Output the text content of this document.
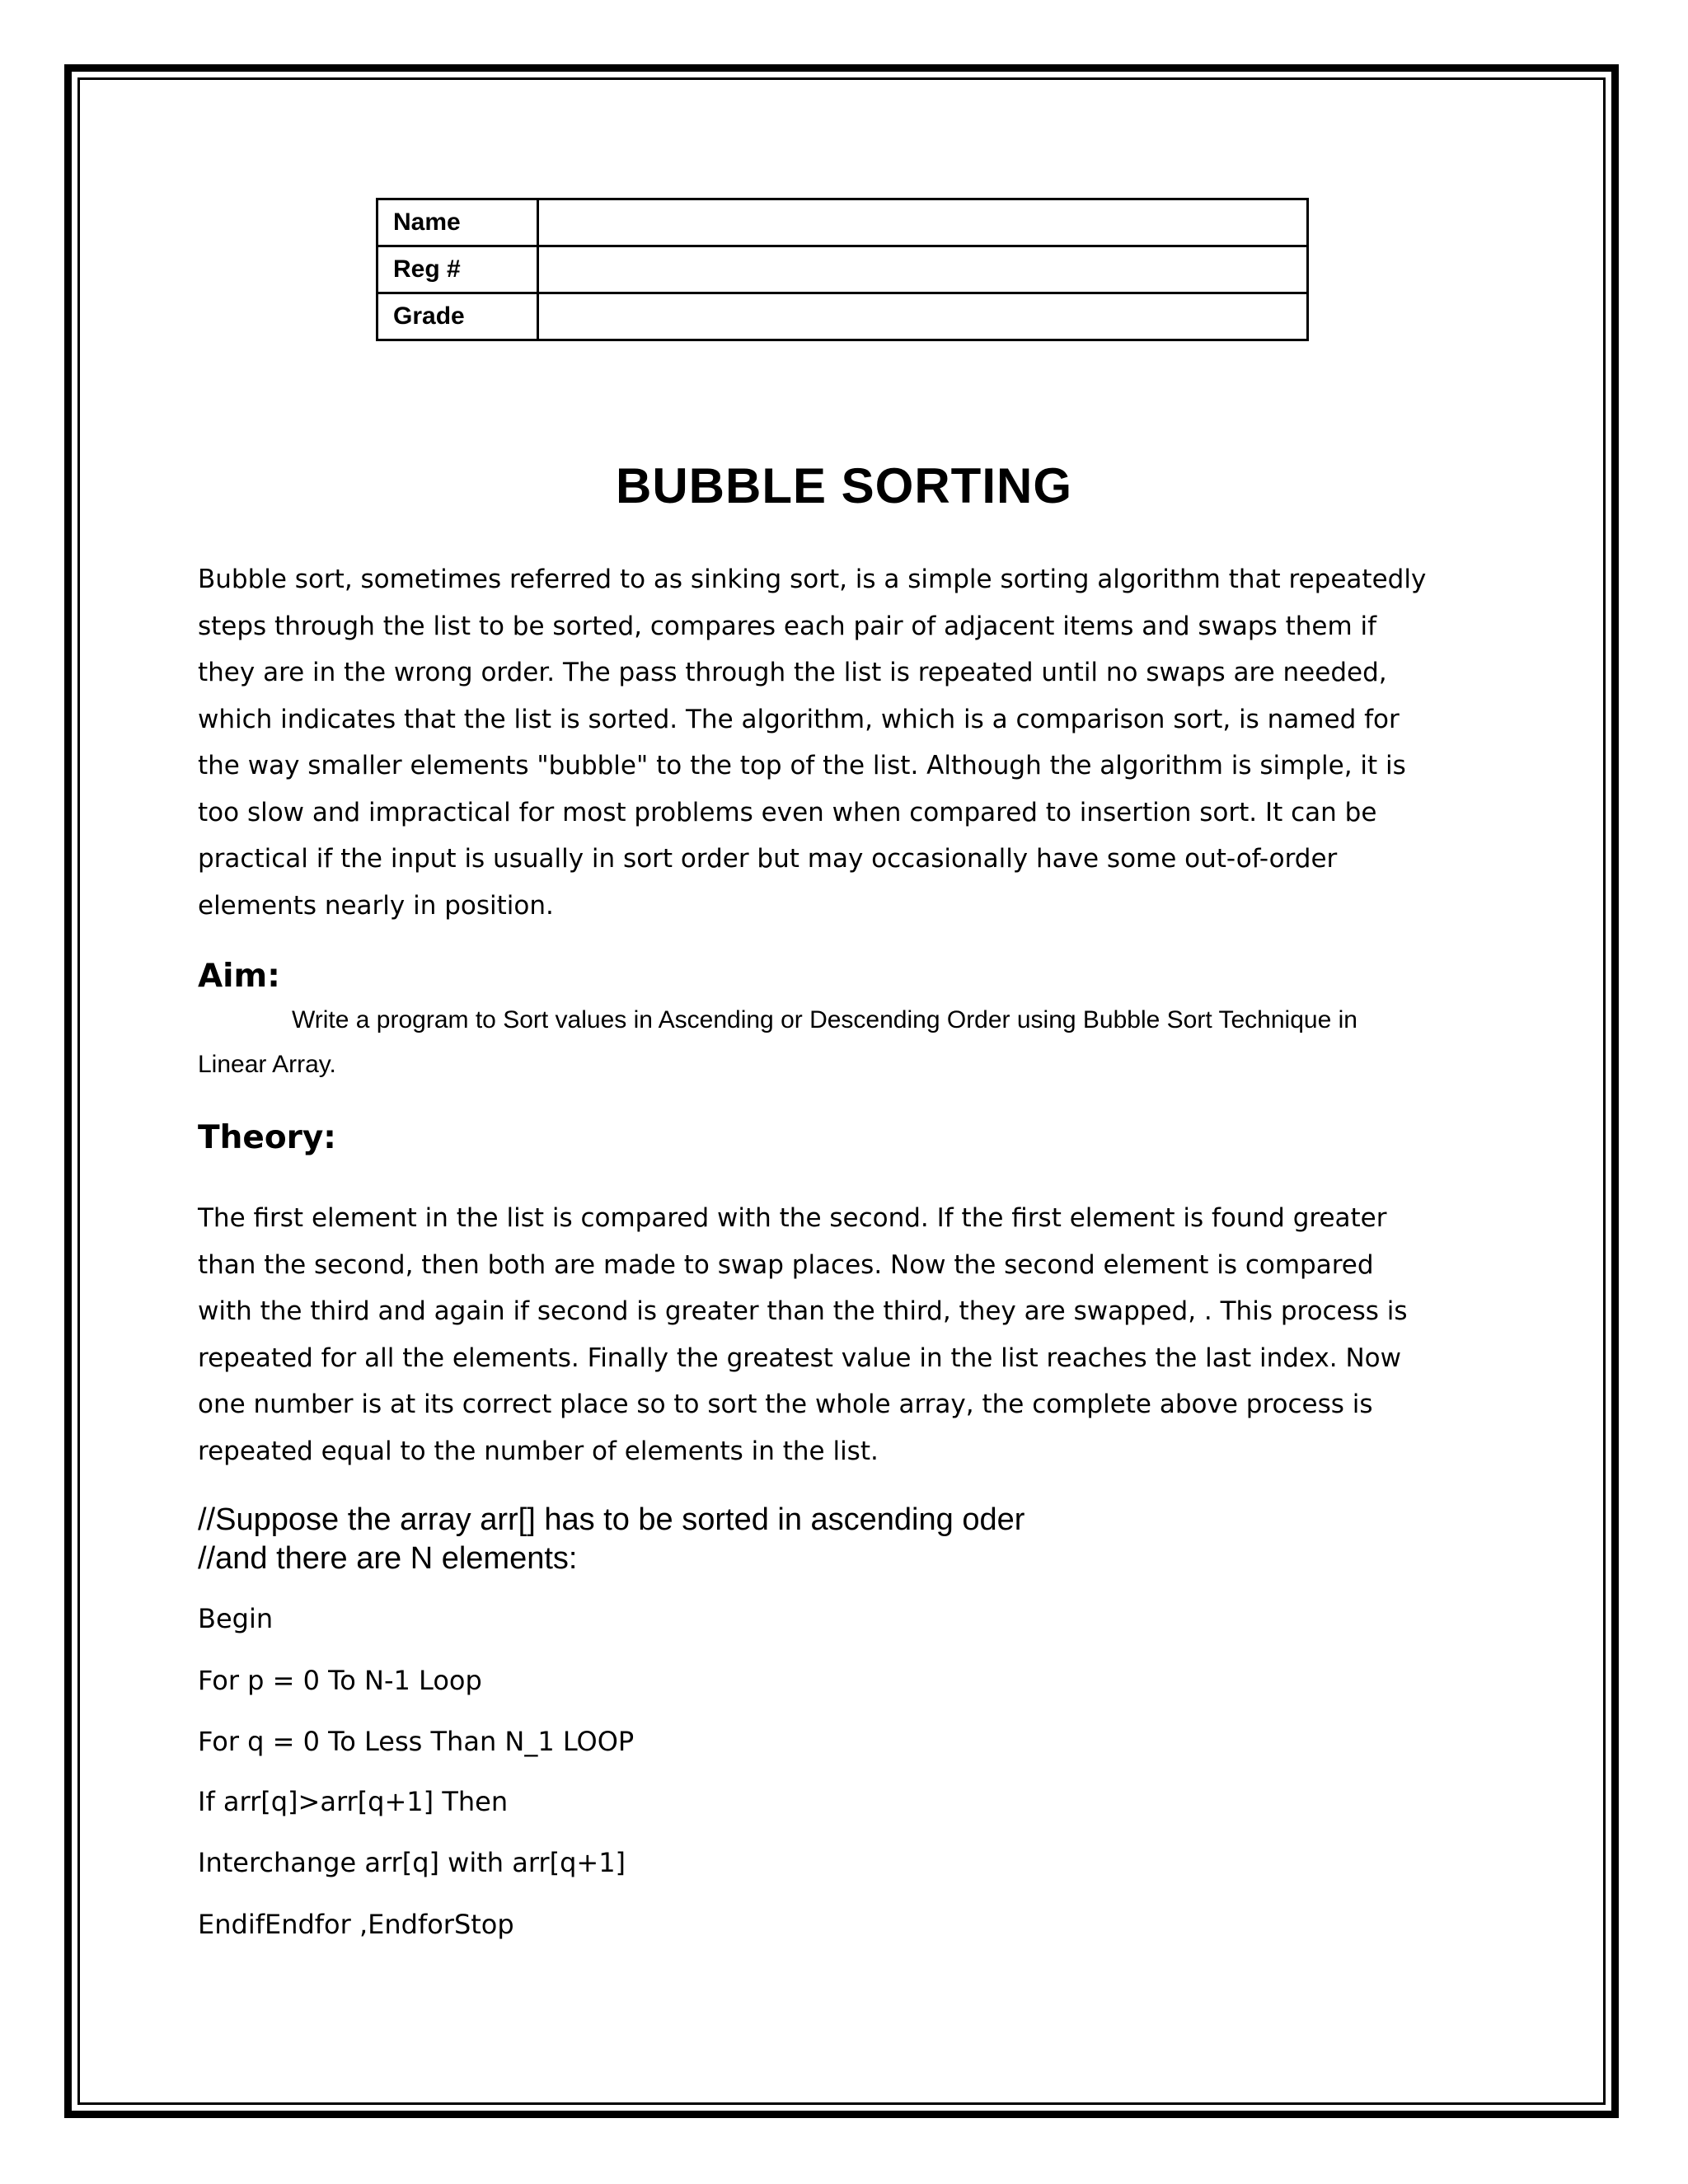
Name	
Reg #	
Grade	
BUBBLE SORTING
Bubble sort, sometimes referred to as sinking sort, is a simple sorting algorithm that repeatedly
steps through the list to be sorted, compares each pair of adjacent items and swaps them if
they are in the wrong order. The pass through the list is repeated until no swaps are needed,
which indicates that the list is sorted. The algorithm, which is a comparison sort, is named for
the way smaller elements "bubble" to the top of the list. Although the algorithm is simple, it is
too slow and impractical for most problems even when compared to insertion sort. It can be
practical if the input is usually in sort order but may occasionally have some out-of-order
elements nearly in position.
Aim:
Write a program to Sort values in Ascending or Descending Order using Bubble Sort Technique in
Linear Array.
Theory:
The first element in the list is compared with the second. If the first element is found greater
than the second, then both are made to swap places. Now the second element is compared
with the third and again if second is greater than the third, they are swapped, . This process is
repeated for all the elements. Finally the greatest value in the list reaches the last index. Now
one number is at its correct place so to sort the whole array, the complete above process is
repeated equal to the number of elements in the list.
//Suppose the array arr[] has to be sorted in ascending oder
//and there are N elements:
Begin
For p = 0 To N-1 Loop
For q = 0 To Less Than N_1 LOOP
If arr[q]>arr[q+1] Then
Interchange arr[q] with arr[q+1]
EndifEndfor ,EndforStop
